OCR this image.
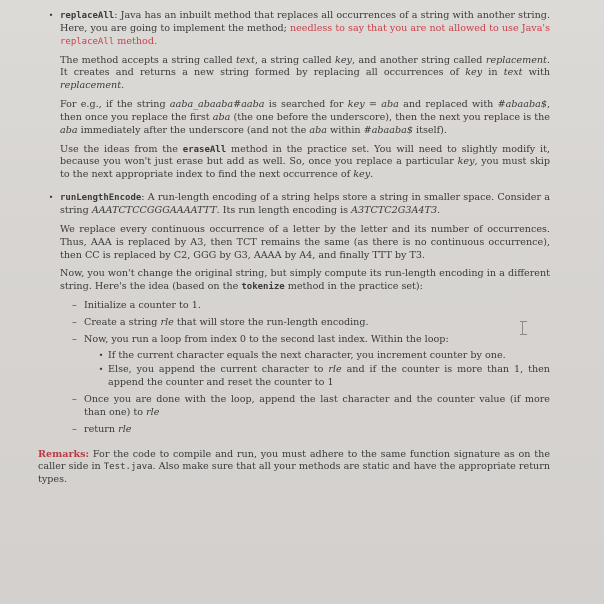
• replaceAll: Java has an inbuilt method that replaces all occurrences of a string with another string. Here, you are going to implement the method; needless to say that you are not allowed to use Java's replaceAll method.

The method accepts a string called text, a string called key, and another string called replacement. It creates and returns a new string formed by replacing all occurrences of key in text with replacement.

For e.g., if the string aaba_abaaba#aaba is searched for key = aba and replaced with #abaaba$, then once you replace the first aba (the one before the underscore), then the next you replace is the aba immediately after the underscore (and not the aba within #abaaba$ itself).

Use the ideas from the eraseAll method in the practice set. You will need to slightly modify it, because you won't just erase but add as well. So, once you replace a particular key, you must skip to the next appropriate index to find the next occurrence of key.

• runLengthEncode: A run-length encoding of a string helps store a string in smaller space. Consider a string AAATCTCCGGGAAAATTT. Its run length encoding is A3TCTC2G3A4T3.

We replace every continuous occurrence of a letter by the letter and its number of occurrences. Thus, AAA is replaced by A3, then TCT remains the same (as there is no continuous occurrence), then CC is replaced by C2, GGG by G3, AAAA by A4, and finally TTT by T3.

Now, you won't change the original string, but simply compute its run-length encoding in a different string. Here's the idea (based on the tokenize method in the practice set):

– Initialize a counter to 1.
– Create a string rle that will store the run-length encoding.
– Now, you run a loop from index 0 to the second last index. Within the loop:
• If the current character equals the next character, you increment counter by one.
• Else, you append the current character to rle and if the counter is more than 1, then append the counter and reset the counter to 1
– Once you are done with the loop, append the last character and the counter value (if more than one) to rle
– return rle

Remarks: For the code to compile and run, you must adhere to the same function signature as on the caller side in Test.java. Also make sure that all your methods are static and have the appropriate return types.
